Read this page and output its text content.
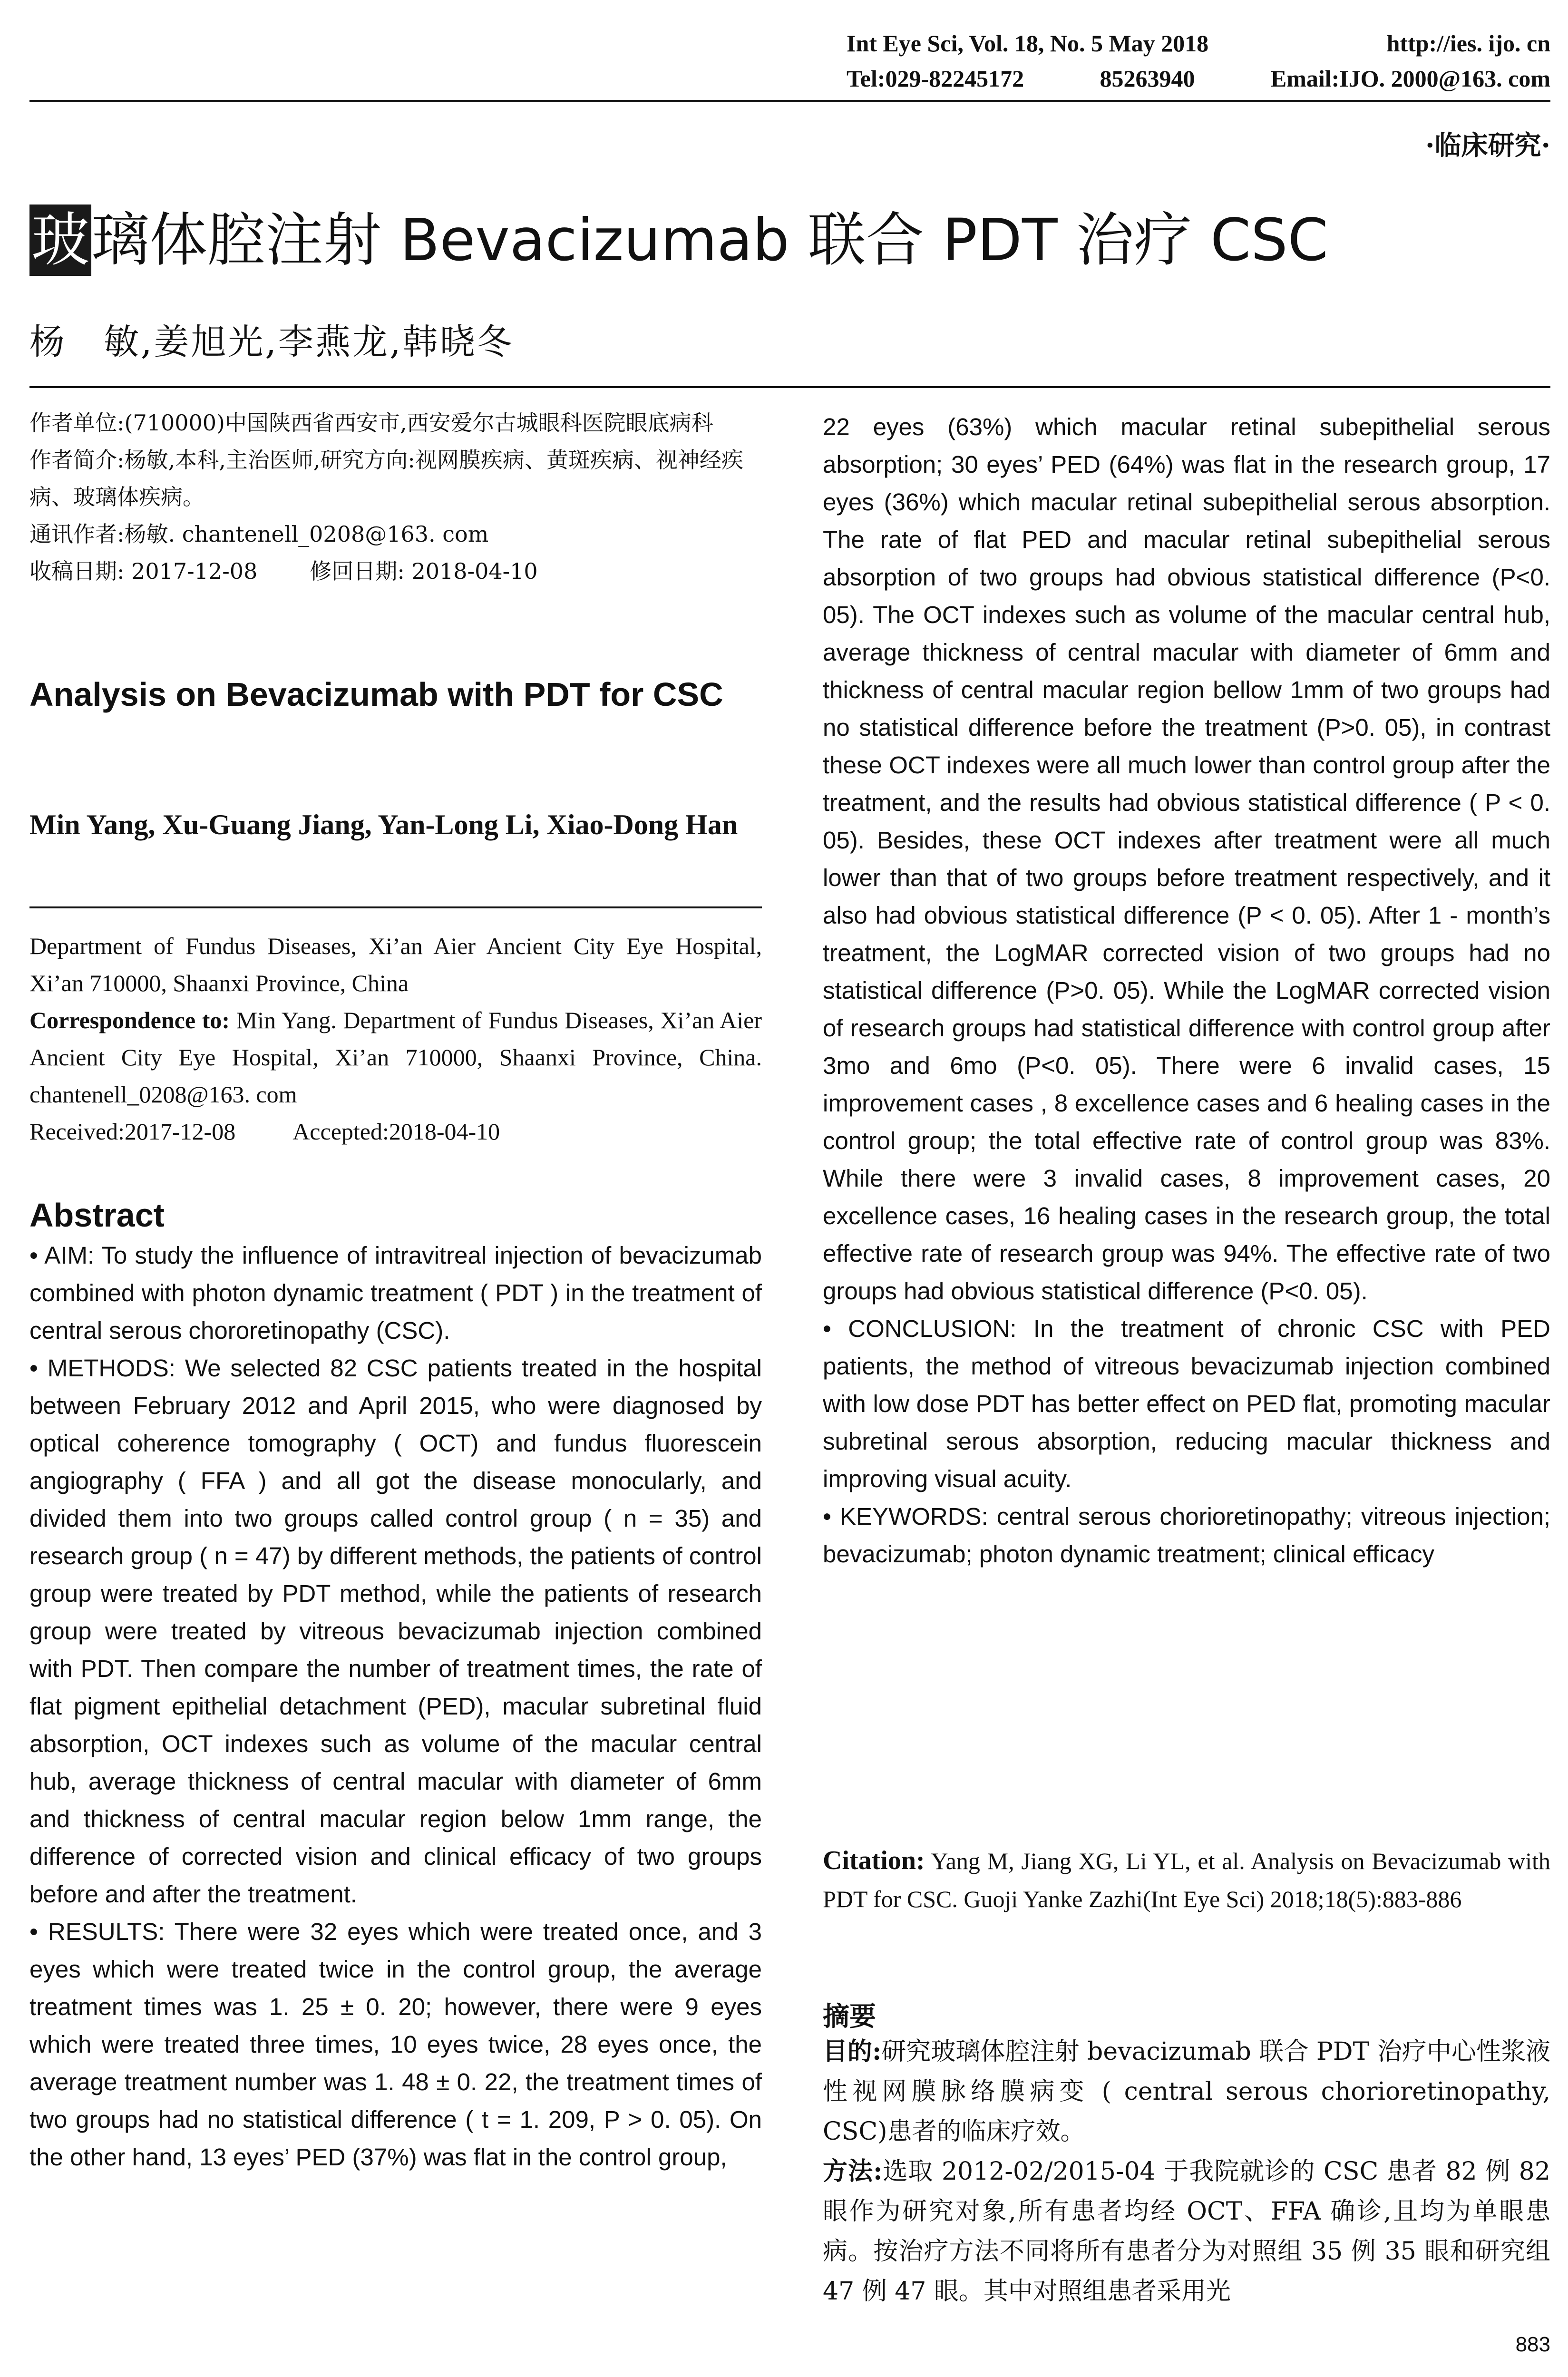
Int Eye Sci, Vol. 18, No. 5 May 2018	http://ies. ijo. cn
Tel:029-82245172	85263940	Email:IJO. 2000@163. com
·临床研究·
玻璃体腔注射 Bevacizumab 联合 PDT 治疗 CSC
杨　敏,姜旭光,李燕龙,韩晓冬

作者单位:(710000)中国陕西省西安市,西安爱尔古城眼科医院眼底病科

作者简介:杨敏,本科,主治医师,研究方向:视网膜疾病、黄斑疾病、视神经疾病、玻璃体疾病。

通讯作者:杨敏. chantenell_0208@163. com

收稿日期: 2017-12-08 修回日期: 2018-04-10

Analysis on Bevacizumab with PDT for CSC
Min Yang, Xu-Guang Jiang, Yan-Long Li, Xiao-Dong Han

Department of Fundus Diseases, Xi’an Aier Ancient City Eye Hospital, Xi’an 710000, Shaanxi Province, China

Correspondence to: Min Yang. Department of Fundus Diseases, Xi’an Aier Ancient City Eye Hospital, Xi’an 710000, Shaanxi Province, China. chantenell_0208@163. com

Received:2017-12-08 Accepted:2018-04-10

Abstract

• AIM: To study the influence of intravitreal injection of bevacizumab combined with photon dynamic treatment ( PDT ) in the treatment of central serous chororetinopathy (CSC).

• METHODS: We selected 82 CSC patients treated in the hospital between February 2012 and April 2015, who were diagnosed by optical coherence tomography ( OCT) and fundus fluorescein angiography ( FFA ) and all got the disease monocularly, and divided them into two groups called control group ( n = 35) and research group ( n = 47) by different methods, the patients of control group were treated by PDT method, while the patients of research group were treated by vitreous bevacizumab injection combined with PDT. Then compare the number of treatment times, the rate of flat pigment epithelial detachment (PED), macular subretinal fluid absorption, OCT indexes such as volume of the macular central hub, average thickness of central macular with diameter of 6mm and thickness of central macular region below 1mm range, the difference of corrected vision and clinical efficacy of two groups before and after the treatment.

• RESULTS: There were 32 eyes which were treated once, and 3 eyes which were treated twice in the control group, the average treatment times was 1. 25 ± 0. 20; however, there were 9 eyes which were treated three times, 10 eyes twice, 28 eyes once, the average treatment number was 1. 48 ± 0. 22, the treatment times of two groups had no statistical difference ( t = 1. 209, P > 0. 05). On the other hand, 13 eyes’ PED (37%) was flat in the control group,

22 eyes (63%) which macular retinal subepithelial serous absorption; 30 eyes’ PED (64%) was flat in the research group, 17 eyes (36%) which macular retinal subepithelial serous absorption. The rate of flat PED and macular retinal subepithelial serous absorption of two groups had obvious statistical difference (P<0. 05). The OCT indexes such as volume of the macular central hub, average thickness of central macular with diameter of 6mm and thickness of central macular region bellow 1mm of two groups had no statistical difference before the treatment (P>0. 05), in contrast these OCT indexes were all much lower than control group after the treatment, and the results had obvious statistical difference ( P < 0. 05). Besides, these OCT indexes after treatment were all much lower than that of two groups before treatment respectively, and it also had obvious statistical difference (P < 0. 05). After 1 - month’s treatment, the LogMAR corrected vision of two groups had no statistical difference (P>0. 05). While the LogMAR corrected vision of research groups had statistical difference with control group after 3mo and 6mo (P<0. 05). There were 6 invalid cases, 15 improvement cases , 8 excellence cases and 6 healing cases in the control group; the total effective rate of control group was 83%. While there were 3 invalid cases, 8 improvement cases, 20 excellence cases, 16 healing cases in the research group, the total effective rate of research group was 94%. The effective rate of two groups had obvious statistical difference (P<0. 05).

• CONCLUSION: In the treatment of chronic CSC with PED patients, the method of vitreous bevacizumab injection combined with low dose PDT has better effect on PED flat, promoting macular subretinal serous absorption, reducing macular thickness and improving visual acuity.

• KEYWORDS: central serous chorioretinopathy; vitreous injection; bevacizumab; photon dynamic treatment; clinical efficacy

Citation: Yang M, Jiang XG, Li YL, et al. Analysis on Bevacizumab with PDT for CSC. Guoji Yanke Zazhi(Int Eye Sci) 2018;18(5):883-886
摘要

目的:研究玻璃体腔注射 bevacizumab 联合 PDT 治疗中心性浆液性视网膜脉络膜病变 ( central serous chorioretinopathy, CSC)患者的临床疗效。

方法:选取 2012-02/2015-04 于我院就诊的 CSC 患者 82 例 82 眼作为研究对象,所有患者均经 OCT、FFA 确诊,且均为单眼患病。按治疗方法不同将所有患者分为对照组 35 例 35 眼和研究组 47 例 47 眼。其中对照组患者采用光

883
